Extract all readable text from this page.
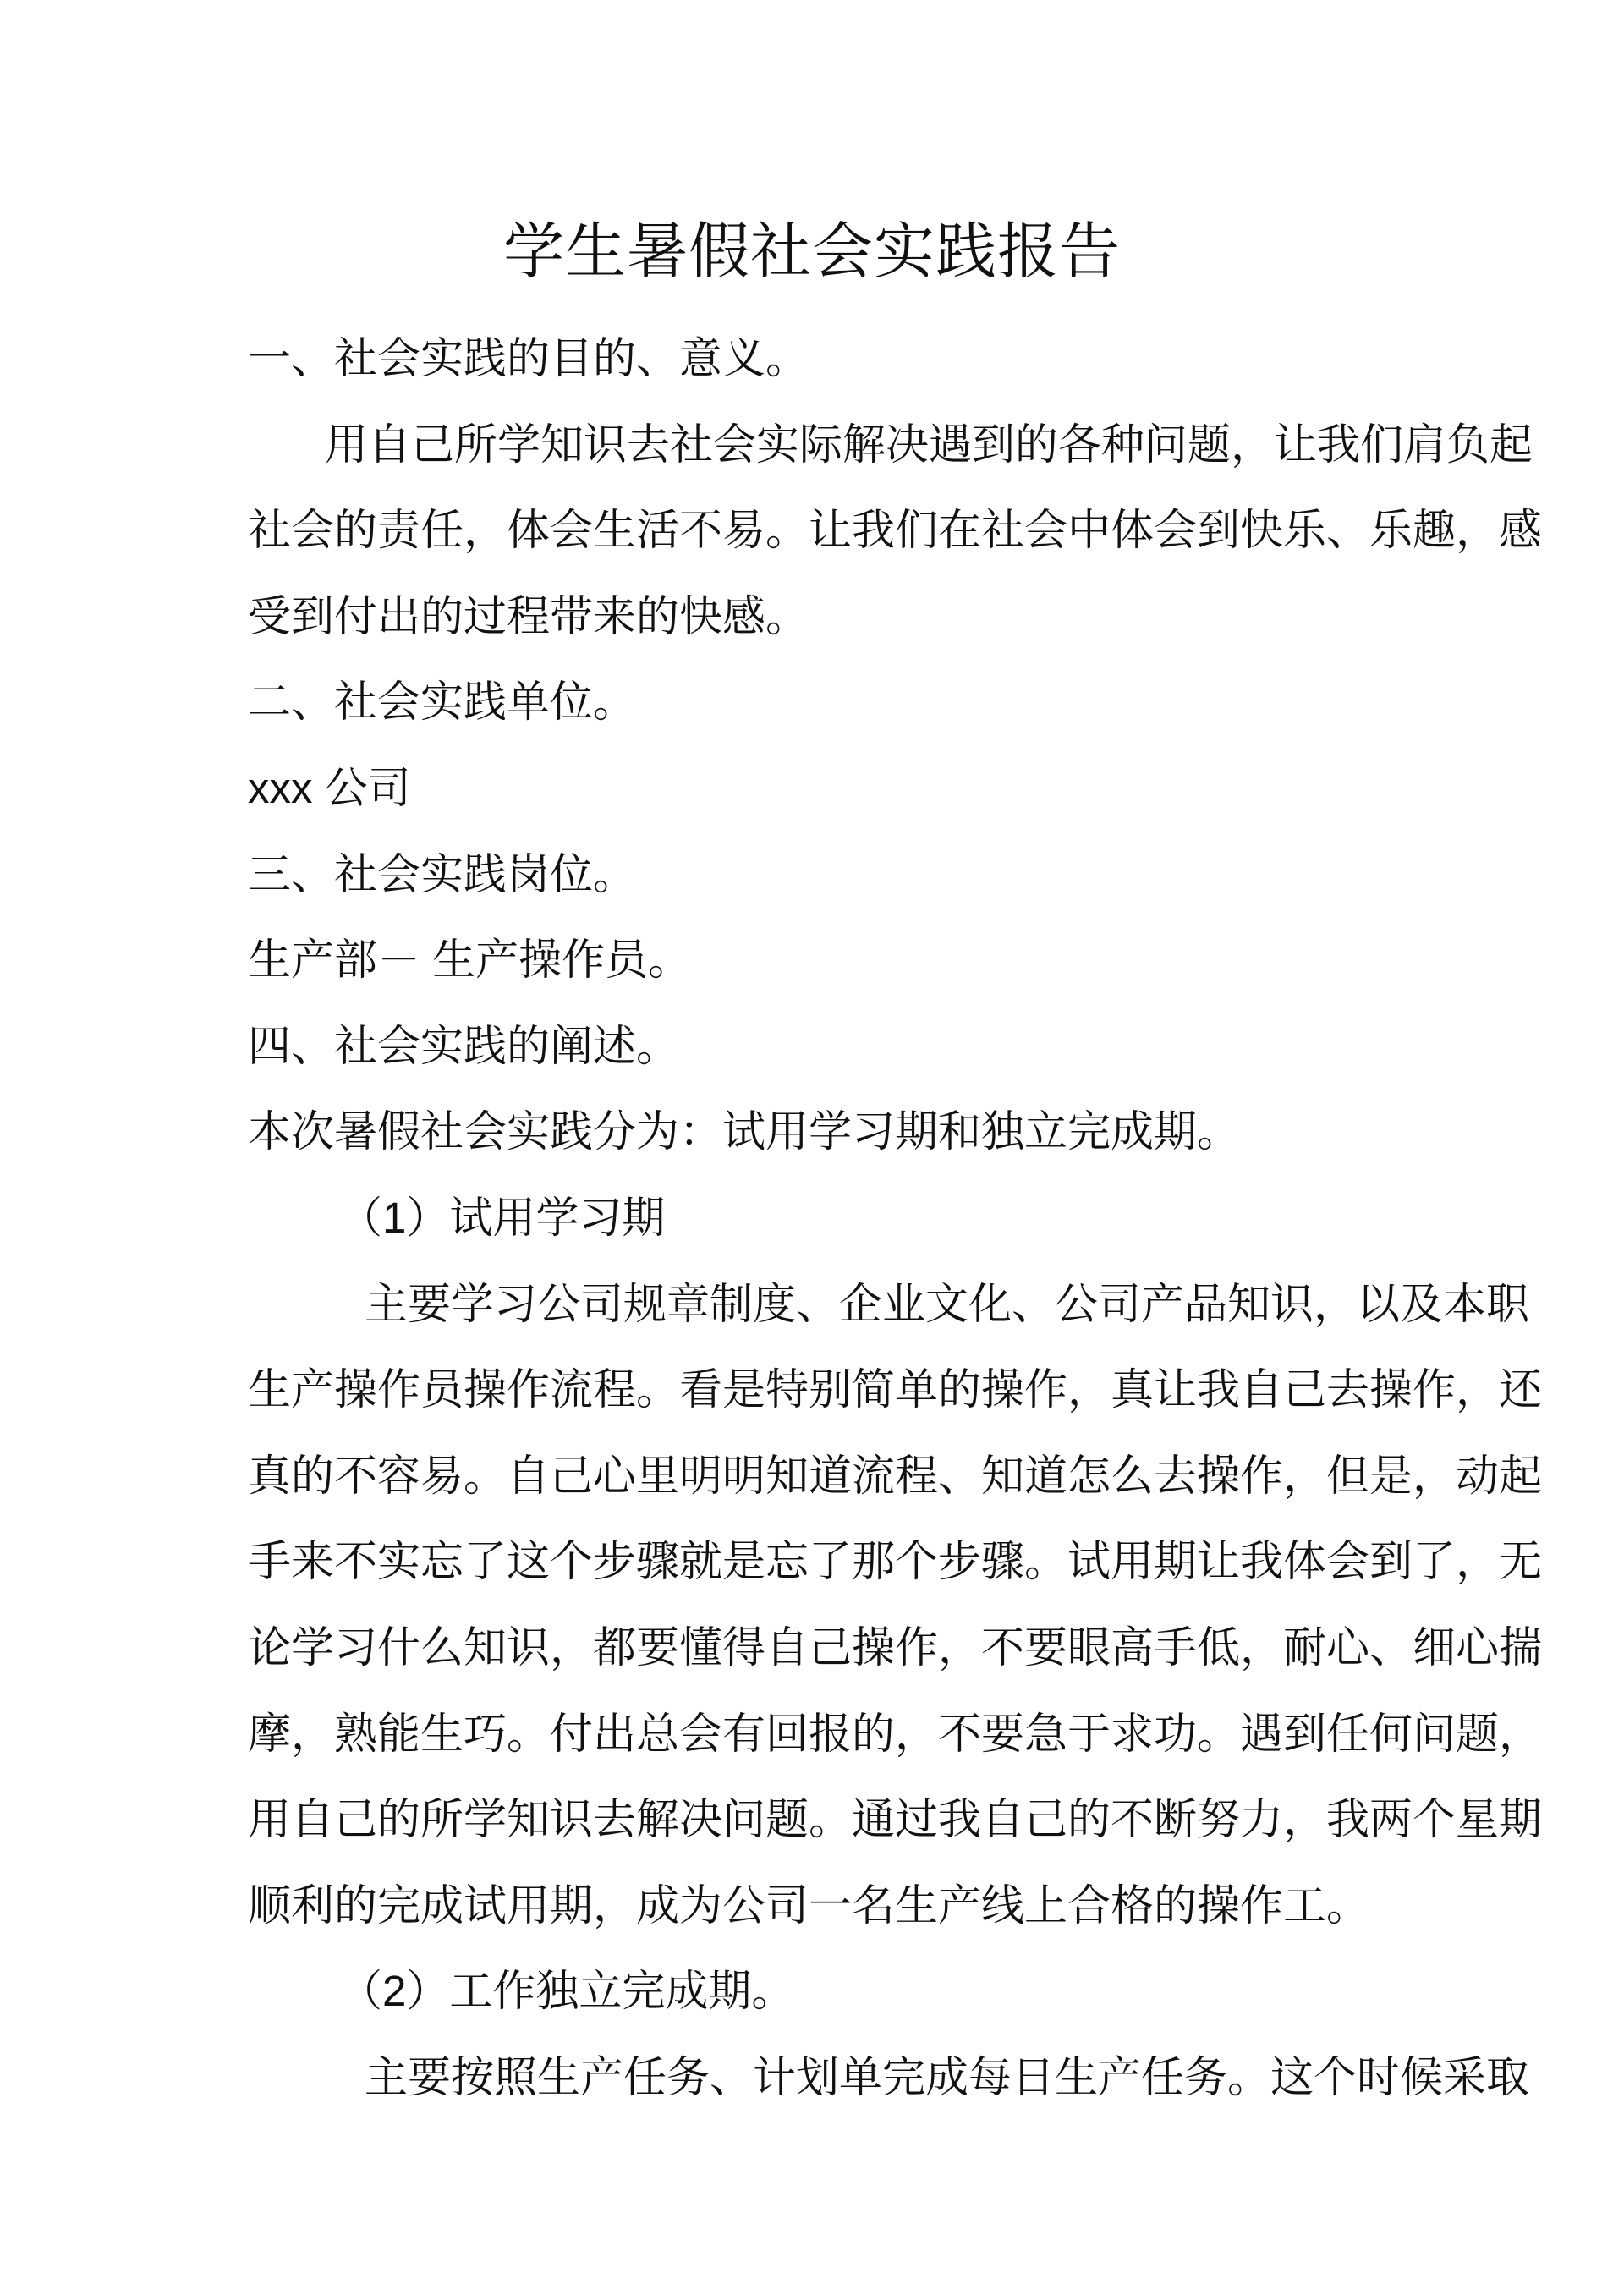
学生暑假社会实践报告
一、社会实践的目的、意义。
用自己所学知识去社会实际解决遇到的各种问题，让我们肩负起
社会的责任，体会生活不易。让我们在社会中体会到快乐、乐趣，感
受到付出的过程带来的快感。
二、社会实践单位。
xxx 公司
三、社会实践岗位。
生产部－ 生产操作员。
四、社会实践的阐述。
本次暑假社会实践分为：试用学习期和独立完成期。
（1）试用学习期
主要学习公司规章制度、企业文化、公司产品知识，以及本职
生产操作员操作流程。看是特别简单的操作，真让我自己去操作，还
真的不容易。自己心里明明知道流程、知道怎么去操作，但是，动起
手来不实忘了这个步骤就是忘了那个步骤。试用期让我体会到了，无
论学习什么知识，都要懂得自己操作，不要眼高手低，耐心、细心揣
摩，熟能生巧。付出总会有回报的，不要急于求功。遇到任何问题，
用自己的所学知识去解决问题。通过我自己的不断努力，我两个星期
顺利的完成试用期，成为公司一名生产线上合格的操作工。
（2）工作独立完成期。
主要按照生产任务、计划单完成每日生产任务。这个时候采取
